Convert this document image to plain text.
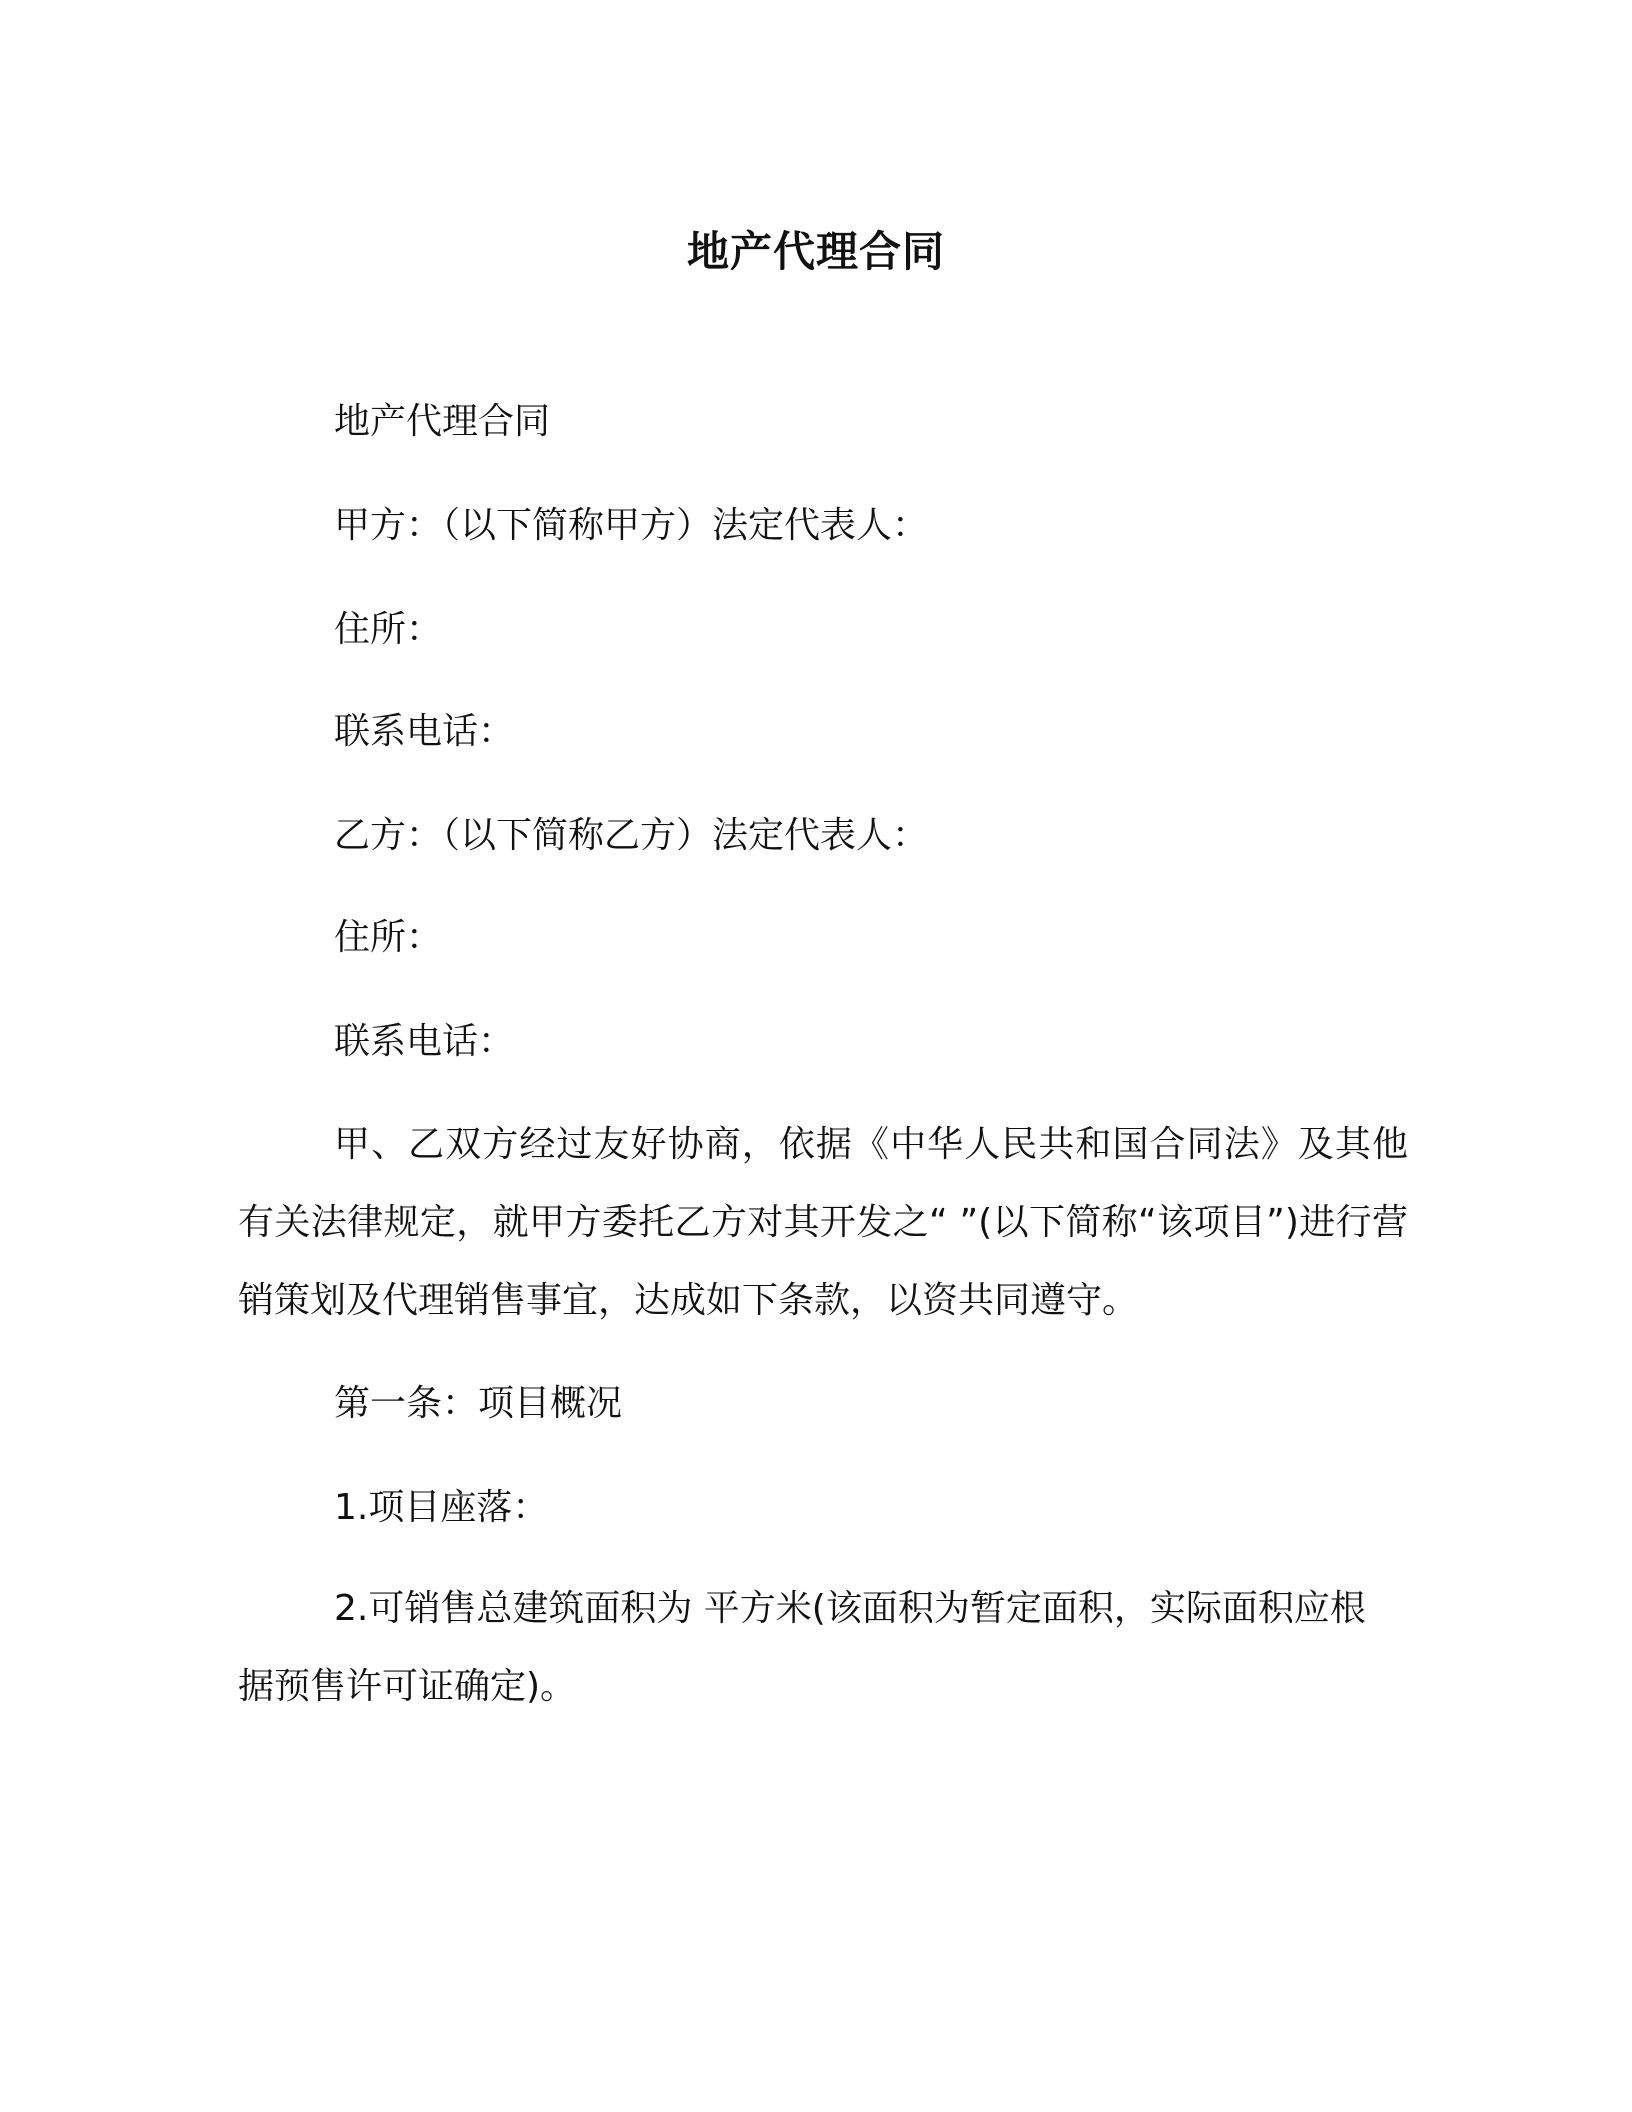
地产代理合同
地产代理合同
甲方：（以下简称甲方）法定代表人：
住所：
联系电话：
乙方：（以下简称乙方）法定代表人：
住所：
联系电话：
甲、乙双方经过友好协商，依据《中华人民共和国合同法》及其他有关法律规定，就甲方委托乙方对其开发之“ ”(以下简称“该项目”)进行营销策划及代理销售事宜，达成如下条款，以资共同遵守。
第一条：项目概况
1.项目座落：
2.可销售总建筑面积为 平方米(该面积为暂定面积，实际面积应根据预售许可证确定)。
